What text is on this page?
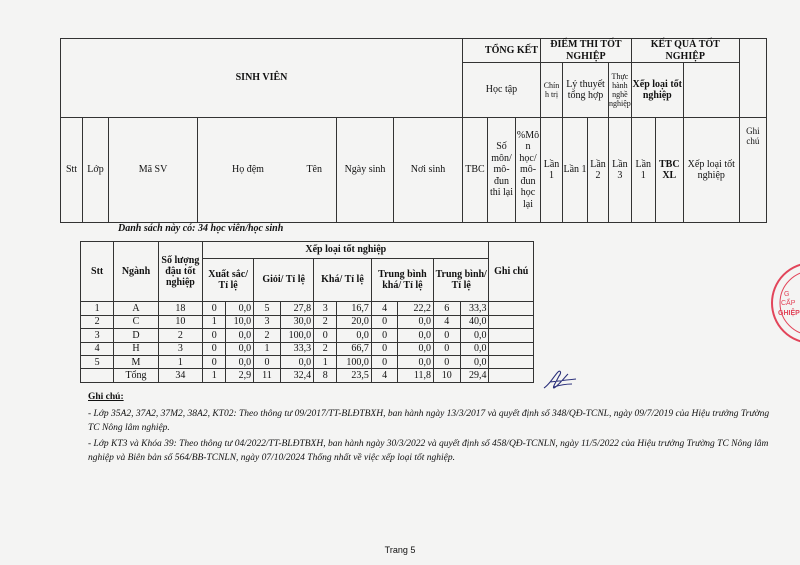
SINH VIÊN						TỔNG KẾT			ĐIỂM THI TỐT NGHIỆP				KẾT QUẢ TỐT NGHIỆP			
						Học tập			Chín h trị	Lý thuyết tổng hợp		Thực hành nghề nghiệp	Xếp loại tốt nghiệp			
Stt	Lớp	Mã SV	Họ đệm Tên	Ngày sinh	Nơi sinh	TBC	Số môn/ mô- đun thi lại	%Mô n học/ mô- đun học lại	Lần 1	Lần 1	Lần 2	Lần 3	Lần 1	TBC XL	Xếp loại tốt nghiệp	Ghi chú
Danh sách này có: 34 học viên/học sinh
Stt	Ngành	Số lượng đậu tốt nghiệp	Xếp loại tốt nghiệp										Ghi chú
			Xuất sắc/ Tỉ lệ		Giỏi/ Tỉ lệ		Khá/ Tỉ lệ		Trung bình khá/ Tỉ lệ		Trung bình/ Tỉ lệ		
1	A	18	0	0,0	5	27,8	3	16,7	4	22,2	6	33,3	
2	C	10	1	10,0	3	30,0	2	20,0	0	0,0	4	40,0	
3	D	2	0	0,0	2	100,0	0	0,0	0	0,0	0	0,0	
4	H	3	0	0,0	1	33,3	2	66,7	0	0,0	0	0,0	
5	M	1	0	0,0	0	0,0	1	100,0	0	0,0	0	0,0	
	Tổng	34	1	2,9	11	32,4	8	23,5	4	11,8	10	29,4	

Ghi chú:

- Lớp 35A2, 37A2, 37M2, 38A2, KT02: Theo thông tư 09/2017/TT-BLĐTBXH, ban hành ngày 13/3/2017 và quyết định số 348/QĐ-TCNL, ngày 09/7/2019 của Hiệu trưởng Trường TC Nông lâm nghiệp.

- Lớp KT3 và Khóa 39: Theo thông tư 04/2022/TT-BLĐTBXH, ban hành ngày 30/3/2022 và quyết định số 458/QĐ-TCNLN, ngày 11/5/2022 của Hiệu trưởng Trường TC Nông lâm nghiệp và Biên bản số 564/BB-TCNLN, ngày 07/10/2024 Thống nhất về việc xếp loại tốt nghiệp.

G
CẤP
GHIỆP
Trang 5
